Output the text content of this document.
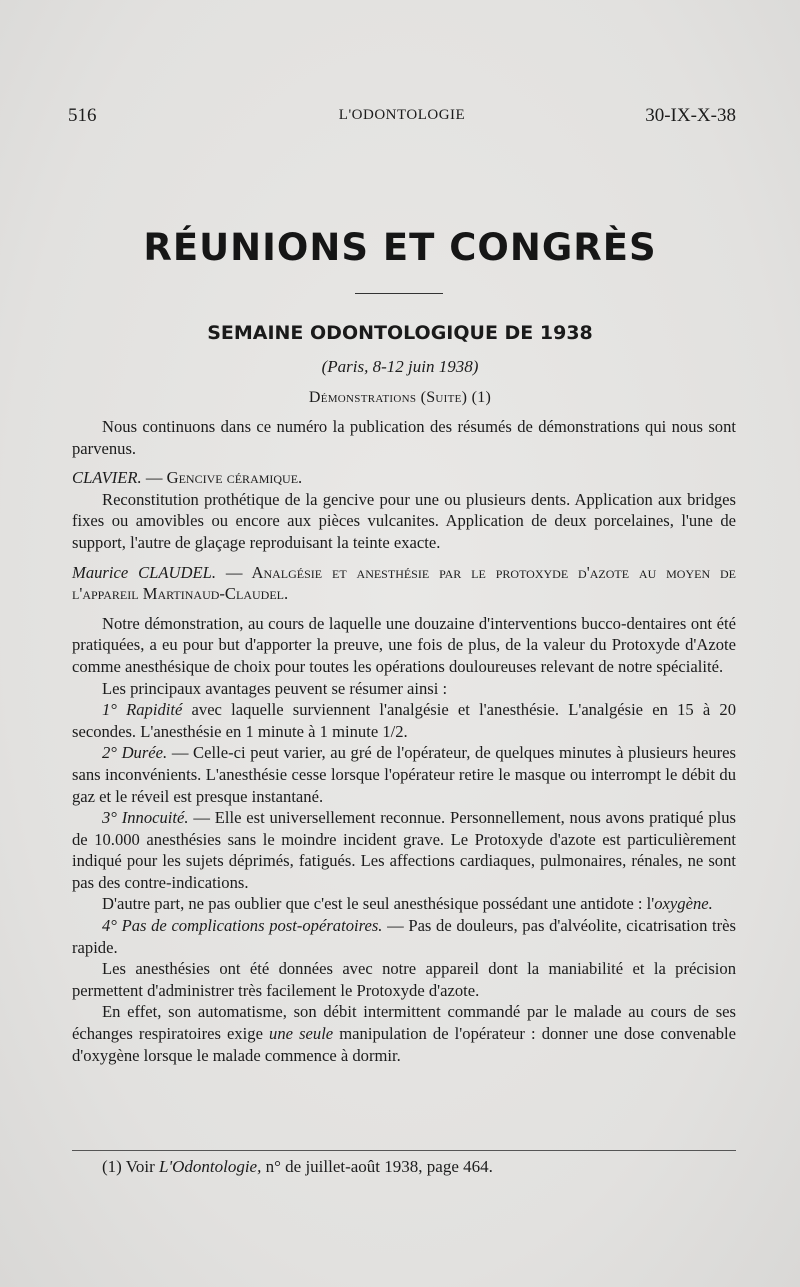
516	L'ODONTOLOGIE	30-IX-X-38
RÉUNIONS ET CONGRÈS
SEMAINE ODONTOLOGIQUE DE 1938
(Paris, 8-12 juin 1938)
Démonstrations (Suite) (1)

Nous continuons dans ce numéro la publication des résumés de démonstrations qui nous sont parvenus.

CLAVIER. — Gencive céramique.

Reconstitution prothétique de la gencive pour une ou plusieurs dents. Application aux bridges fixes ou amovibles ou encore aux pièces vulcanites. Application de deux porcelaines, l'une de support, l'autre de glaçage reproduisant la teinte exacte.

Maurice CLAUDEL. — Analgésie et anesthésie par le protoxyde d'azote au moyen de l'appareil Martinaud-Claudel.

Notre démonstration, au cours de laquelle une douzaine d'interventions bucco-dentaires ont été pratiquées, a eu pour but d'apporter la preuve, une fois de plus, de la valeur du Protoxyde d'Azote comme anesthésique de choix pour toutes les opérations douloureuses relevant de notre spécialité.

Les principaux avantages peuvent se résumer ainsi :

1° Rapidité avec laquelle surviennent l'analgésie et l'anesthésie. L'analgésie en 15 à 20 secondes. L'anesthésie en 1 minute à 1 minute 1/2.

2° Durée. — Celle-ci peut varier, au gré de l'opérateur, de quelques minutes à plusieurs heures sans inconvénients. L'anesthésie cesse lorsque l'opérateur retire le masque ou interrompt le débit du gaz et le réveil est presque instantané.

3° Innocuité. — Elle est universellement reconnue. Personnellement, nous avons pratiqué plus de 10.000 anesthésies sans le moindre incident grave. Le Protoxyde d'azote est particulièrement indiqué pour les sujets déprimés, fatigués. Les affections cardiaques, pulmonaires, rénales, ne sont pas des contre-indications.

D'autre part, ne pas oublier que c'est le seul anesthésique possédant une antidote : l'oxygène.

4° Pas de complications post-opératoires. — Pas de douleurs, pas d'alvéolite, cicatrisation très rapide.

Les anesthésies ont été données avec notre appareil dont la maniabilité et la précision permettent d'administrer très facilement le Protoxyde d'azote.

En effet, son automatisme, son débit intermittent commandé par le malade au cours de ses échanges respiratoires exige une seule manipulation de l'opérateur : donner une dose convenable d'oxygène lorsque le malade commence à dormir.

(1) Voir L'Odontologie, n° de juillet-août 1938, page 464.
